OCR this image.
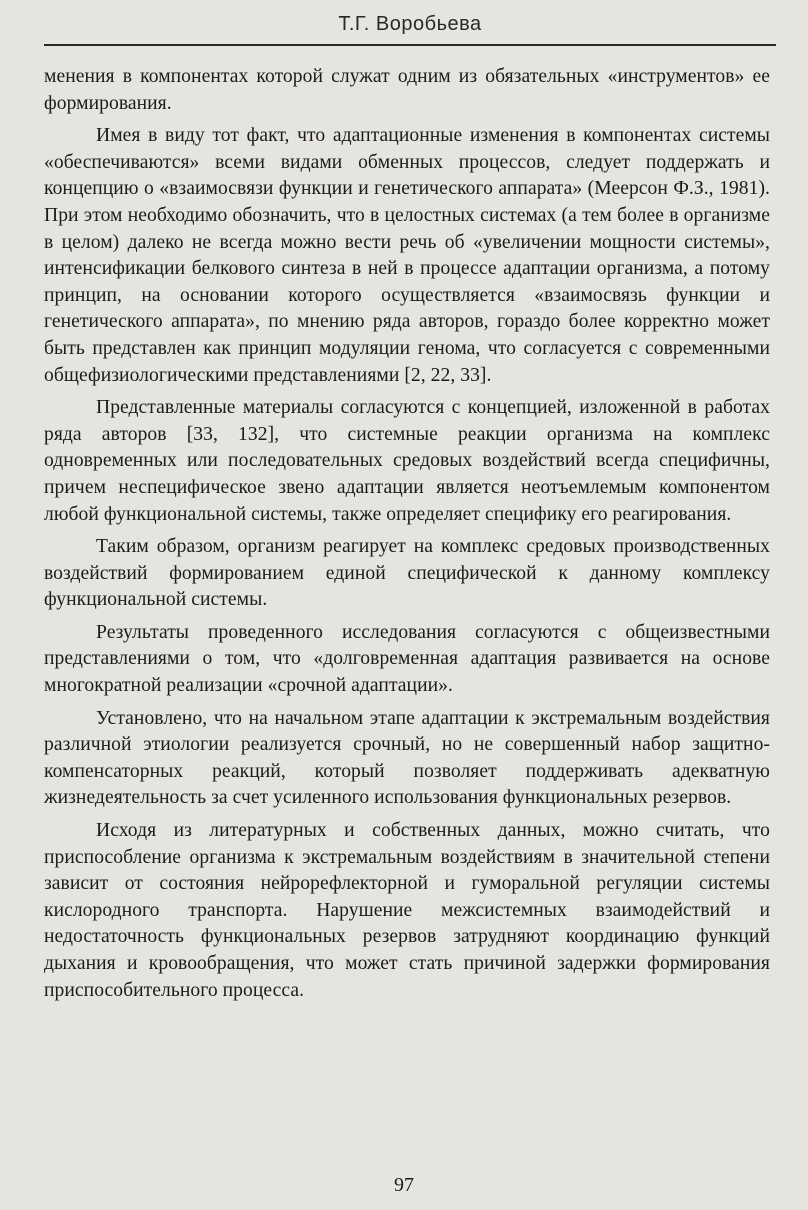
Т.Г. Воробьева

менения в компонентах которой служат одним из обязательных «инструментов» ее формирования.

Имея в виду тот факт, что адаптационные изменения в компонентах системы «обеспечиваются» всеми видами обменных процессов, следует поддержать и концепцию о «взаимосвязи функции и генетического аппарата» (Меерсон Ф.З., 1981). При этом необходимо обозначить, что в целостных системах (а тем более в организме в целом) далеко не всегда можно вести речь об «увеличении мощности системы», интенсификации белкового синтеза в ней в процессе адаптации организма, а потому принцип, на основании которого осуществляется «взаимосвязь функции и генетического аппарата», по мнению ряда авторов, гораздо более корректно может быть представлен как принцип модуляции генома, что согласуется с современными общефизиологическими представлениями [2, 22, 33].

Представленные материалы согласуются с концепцией, изложенной в работах ряда авторов [33, 132], что системные реакции организма на комплекс одновременных или последовательных средовых воздействий всегда специфичны, причем неспецифическое звено адаптации является неотъемлемым компонентом любой функциональной системы, также определяет специфику его реагирования.

Таким образом, организм реагирует на комплекс средовых производственных воздействий формированием единой специфической к данному комплексу функциональной системы.

Результаты проведенного исследования согласуются с общеизвестными представлениями о том, что «долговременная адаптация развивается на основе многократной реализации «срочной адаптации».

Установлено, что на начальном этапе адаптации к экстремальным воздействия различной этиологии реализуется срочный, но не совершенный набор защитно-компенсаторных реакций, который позволяет поддерживать адекватную жизнедеятельность за счет усиленного использования функциональных резервов.

Исходя из литературных и собственных данных, можно считать, что приспособление организма к экстремальным воздействиям в значительной степени зависит от состояния нейрорефлекторной и гуморальной регуляции системы кислородного транспорта. Нарушение межсистемных взаимодействий и недостаточность функциональных резервов затрудняют координацию функций дыхания и кровообращения, что может стать причиной задержки формирования приспособительного процесса.

97
